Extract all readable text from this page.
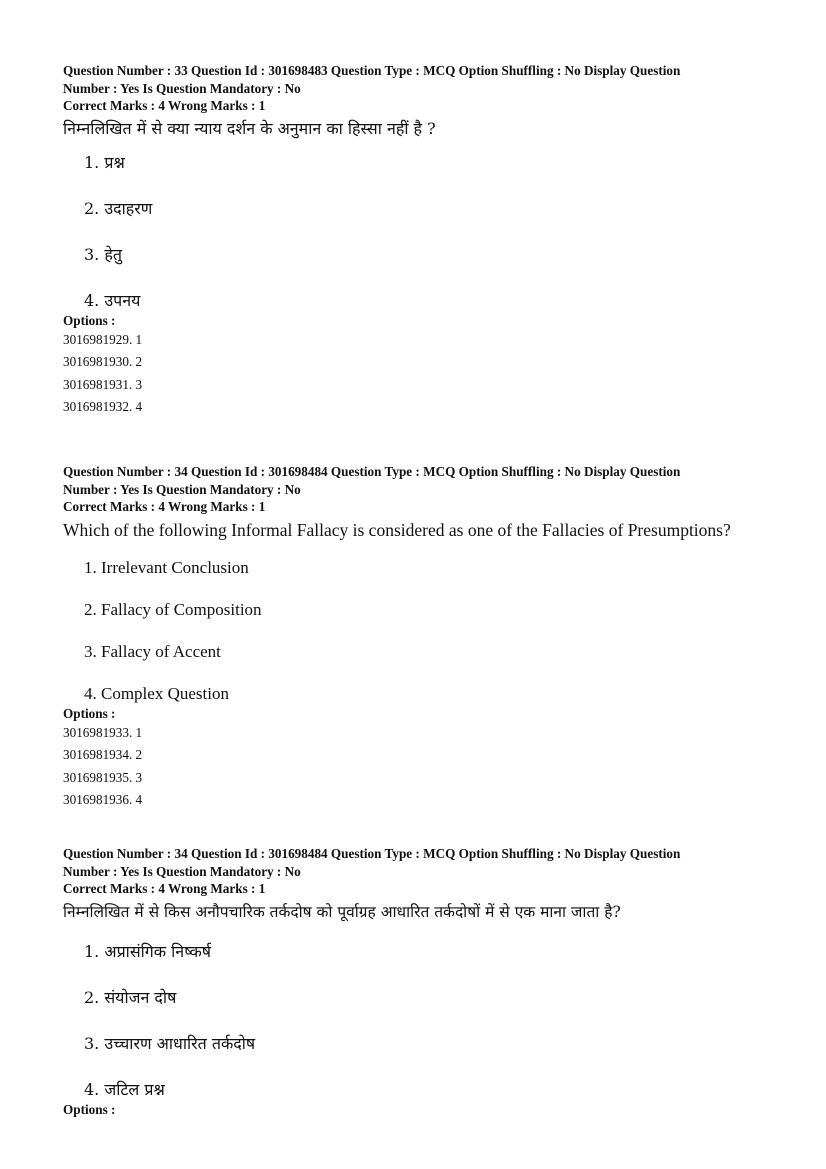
Question Number : 33 Question Id : 301698483 Question Type : MCQ Option Shuffling : No Display Question

Number : Yes Is Question Mandatory : No

Correct Marks : 4 Wrong Marks : 1

निम्नलिखित में से क्या न्याय दर्शन के अनुमान का हिस्सा नहीं है ?

1. प्रश्न

2. उदाहरण

3. हेतु

4. उपनय

Options :

3016981929. 1

3016981930. 2

3016981931. 3

3016981932. 4

Question Number : 34 Question Id : 301698484 Question Type : MCQ Option Shuffling : No Display Question

Number : Yes Is Question Mandatory : No

Correct Marks : 4 Wrong Marks : 1

Which of the following Informal Fallacy is considered as one of the Fallacies of Presumptions?

1. Irrelevant Conclusion

2. Fallacy of Composition

3. Fallacy of Accent

4. Complex Question

Options :

3016981933. 1

3016981934. 2

3016981935. 3

3016981936. 4

Question Number : 34 Question Id : 301698484 Question Type : MCQ Option Shuffling : No Display Question

Number : Yes Is Question Mandatory : No

Correct Marks : 4 Wrong Marks : 1

निम्नलिखित में से किस अनौपचारिक तर्कदोष को पूर्वाग्रह आधारित तर्कदोषों में से एक माना जाता है?

1. अप्रासंगिक निष्कर्ष

2. संयोजन दोष

3. उच्चारण आधारित तर्कदोष

4. जटिल प्रश्न

Options :
